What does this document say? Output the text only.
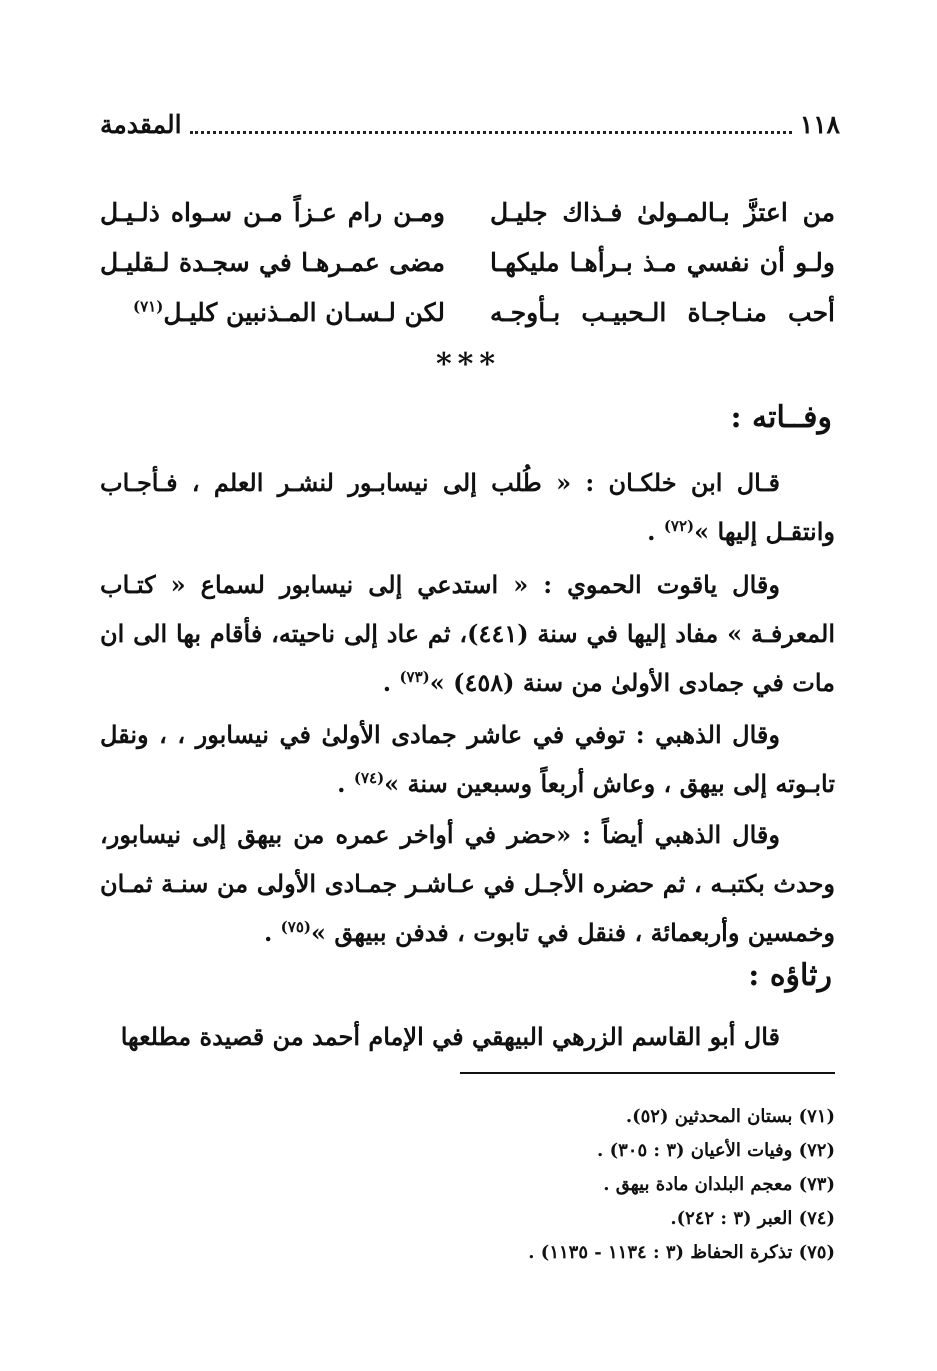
١١٨
المقدمة
من اعتزَّ بـالمـولىٰ فـذاك جليـل
ومـن رام عـزاً مـن سـواه ذلـيـل
ولـو أن نفسي مـذ بـرأهـا مليكهـا
مضى عمـرهـا في سجـدة لـقليـل
أحب منـاجـاة الـحبيـب بـأوجـه
لكن لـسـان المـذنبين كليـل$^{(٧١)}$
***
وفــاته :

قـال ابن خلكـان : « طُلب إلى نيسابـور لنشـر العلم ، فـأجـاب وانتقـل إليها »$^{(٧٢)}$ .

وقال ياقوت الحموي : « استدعي إلى نيسابور لسماع « كتـاب المعرفـة » مفاد إليها في سنة (٤٤١)، ثم عاد إلى ناحيته، فأقام بها الى ان مات في جمادى الأولىٰ من سنة (٤٥٨) »$^{(٧٣)}$ .

وقال الذهبي : توفي في عاشر جمادى الأولىٰ في نيسابور ، ، ونقل تابـوته إلى بيهق ، وعاش أربعاً وسبعين سنة »$^{(٧٤)}$ .

وقال الذهبي أيضاً : «حضر في أواخر عمره من بيهق إلى نيسابور، وحدث بكتبـه ، ثم حضره الأجـل في عـاشـر جمـادى الأولى من سنـة ثمـان وخمسين وأربعمائة ، فنقل في تابوت ، فدفن ببيهق »$^{(٧٥)}$ .

رثاؤه :

قال أبو القاسم الزرهي البيهقي في الإمام أحمد من قصيدة مطلعها

(٧١) بستان المحدثين (٥٢).
(٧٢) وفيات الأعيان (٣ : ٣٠٥) .
(٧٣) معجم البلدان مادة بيهق .
(٧٤) العبر (٣ : ٢٤٢).
(٧٥) تذكرة الحفاظ (٣ : ١١٣٤ - ١١٣٥) .
